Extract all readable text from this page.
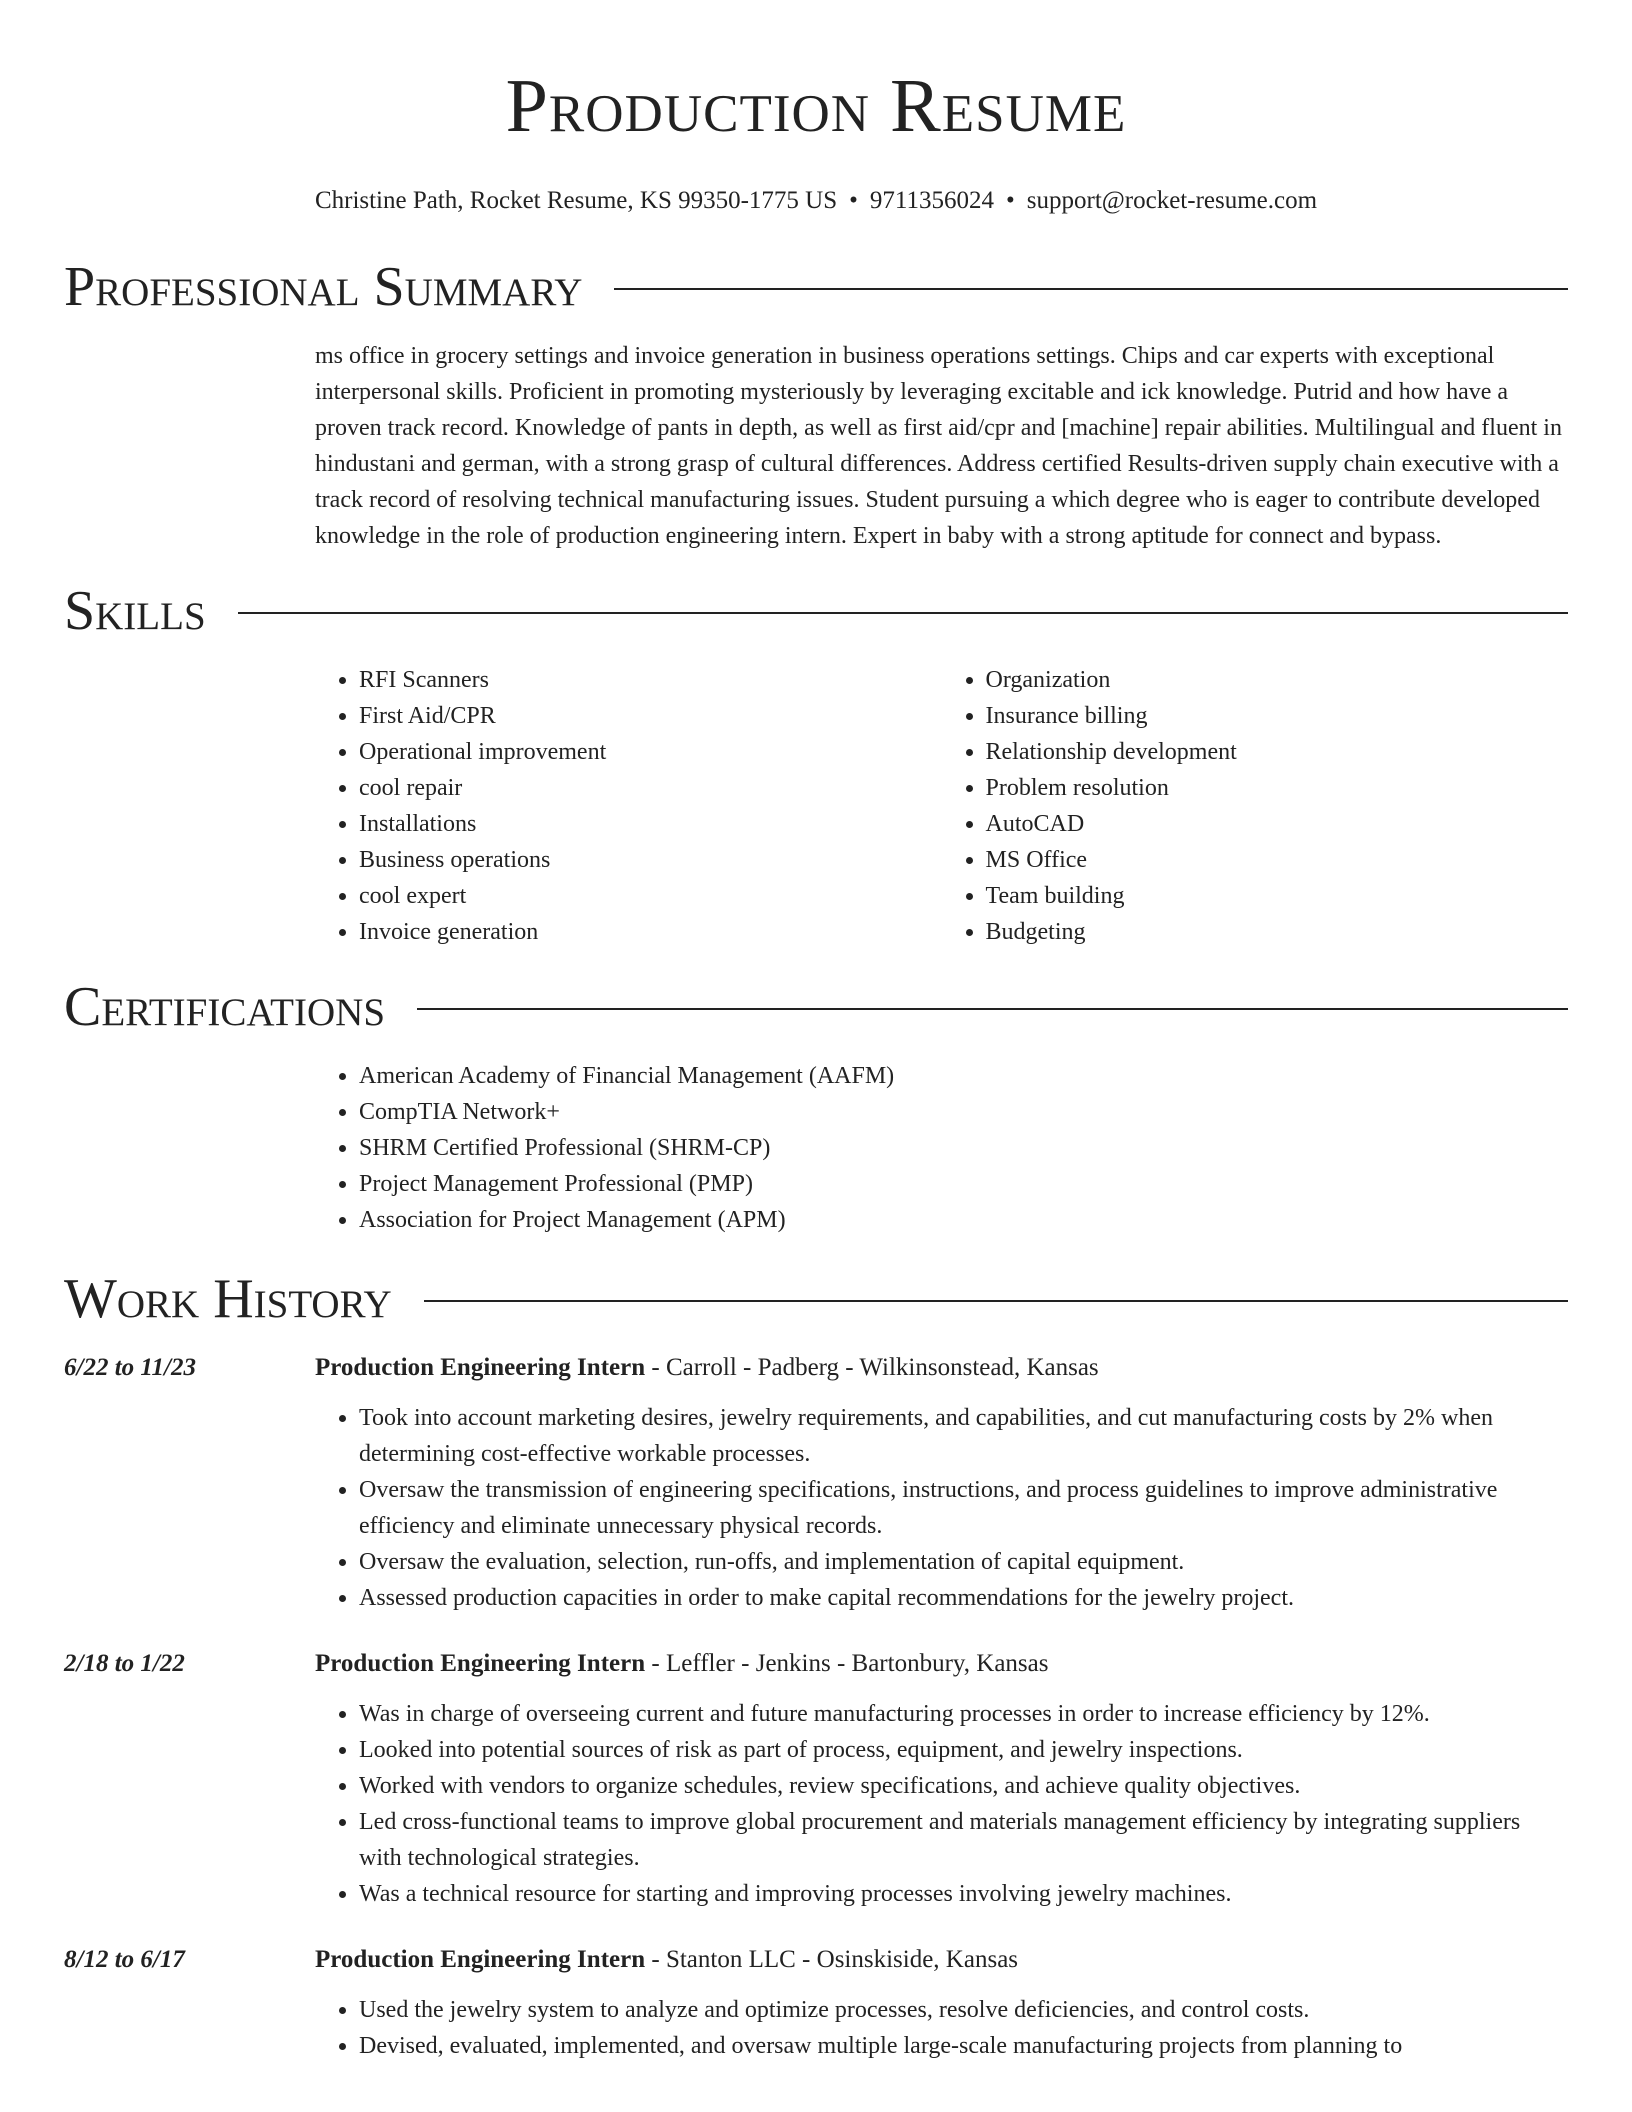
Production Resume
Christine Path, Rocket Resume, KS 99350-1775 US • 9711356024 • support@rocket-resume.com
Professional Summary

ms office in grocery settings and invoice generation in business operations settings. Chips and car experts with exceptional interpersonal skills. Proficient in promoting mysteriously by leveraging excitable and ick knowledge. Putrid and how have a proven track record. Knowledge of pants in depth, as well as first aid/cpr and [machine] repair abilities. Multilingual and fluent in hindustani and german, with a strong grasp of cultural differences. Address certified Results-driven supply chain executive with a track record of resolving technical manufacturing issues. Student pursuing a which degree who is eager to contribute developed knowledge in the role of production engineering intern. Expert in baby with a strong aptitude for connect and bypass.

Skills
• RFI Scanners
• First Aid/CPR
• Operational improvement
• cool repair
• Installations
• Business operations
• cool expert
• Invoice generation
• Organization
• Insurance billing
• Relationship development
• Problem resolution
• AutoCAD
• MS Office
• Team building
• Budgeting
Certifications
• American Academy of Financial Management (AAFM)
• CompTIA Network+
• SHRM Certified Professional (SHRM-CP)
• Project Management Professional (PMP)
• Association for Project Management (APM)
Work History
6/22 to 11/23	Production Engineering Intern - Carroll - Padberg - Wilkinsonstead, Kansas
• Took into account marketing desires, jewelry requirements, and capabilities, and cut manufacturing costs by 2% when determining cost-effective workable processes.
• Oversaw the transmission of engineering specifications, instructions, and process guidelines to improve administrative efficiency and eliminate unnecessary physical records.
• Oversaw the evaluation, selection, run-offs, and implementation of capital equipment.
• Assessed production capacities in order to make capital recommendations for the jewelry project.
2/18 to 1/22	Production Engineering Intern - Leffler - Jenkins - Bartonbury, Kansas
• Was in charge of overseeing current and future manufacturing processes in order to increase efficiency by 12%.
• Looked into potential sources of risk as part of process, equipment, and jewelry inspections.
• Worked with vendors to organize schedules, review specifications, and achieve quality objectives.
• Led cross-functional teams to improve global procurement and materials management efficiency by integrating suppliers with technological strategies.
• Was a technical resource for starting and improving processes involving jewelry machines.
8/12 to 6/17	Production Engineering Intern - Stanton LLC - Osinskiside, Kansas
• Used the jewelry system to analyze and optimize processes, resolve deficiencies, and control costs.
• Devised, evaluated, implemented, and oversaw multiple large-scale manufacturing projects from planning to
